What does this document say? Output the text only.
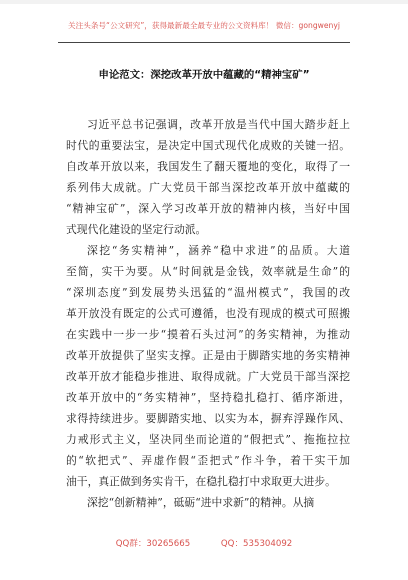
关注头条号“公文研究”，获得最新最全最专业的公文资料库！ 微信：gongwenyj
申论范文：深挖改革开放中蕴藏的“精神宝矿”
习近平总书记强调，改革开放是当代中国大踏步赶上
时代的重要法宝，是决定中国式现代化成败的关键一招。
自改革开放以来，我国发生了翻天覆地的变化，取得了一
系列伟大成就。广大党员干部当深挖改革开放中蕴藏的
“精神宝矿”，深入学习改革开放的精神内核，当好中国
式现代化建设的坚定行动派。
深挖“务实精神”，涵养“稳中求进”的品质。大道
至简，实干为要。从“时间就是金钱，效率就是生命”的
“深圳态度”到发展势头迅猛的“温州模式”，我国的改
革开放没有既定的公式可遵循，也没有现成的模式可照搬
在实践中一步一步“摸着石头过河”的务实精神，为推动
改革开放提供了坚实支撑。正是由于脚踏实地的务实精神
改革开放才能稳步推进、取得成就。广大党员干部当深挖
改革开放中的“务实精神”，坚持稳扎稳打、循序渐进，
求得持续进步。要脚踏实地、以实为本，摒弃浮躁作风、
力戒形式主义，坚决同坐而论道的“假把式”、拖拖拉拉
的“软把式”、弄虚作假“歪把式”作斗争，着干实干加
油干，真正做到务实肯干，在稳扎稳打中求取更大进步。
深挖“创新精神”，砥砺“进中求新”的精神。从摘
QQ群：30265665	QQ：535304092
